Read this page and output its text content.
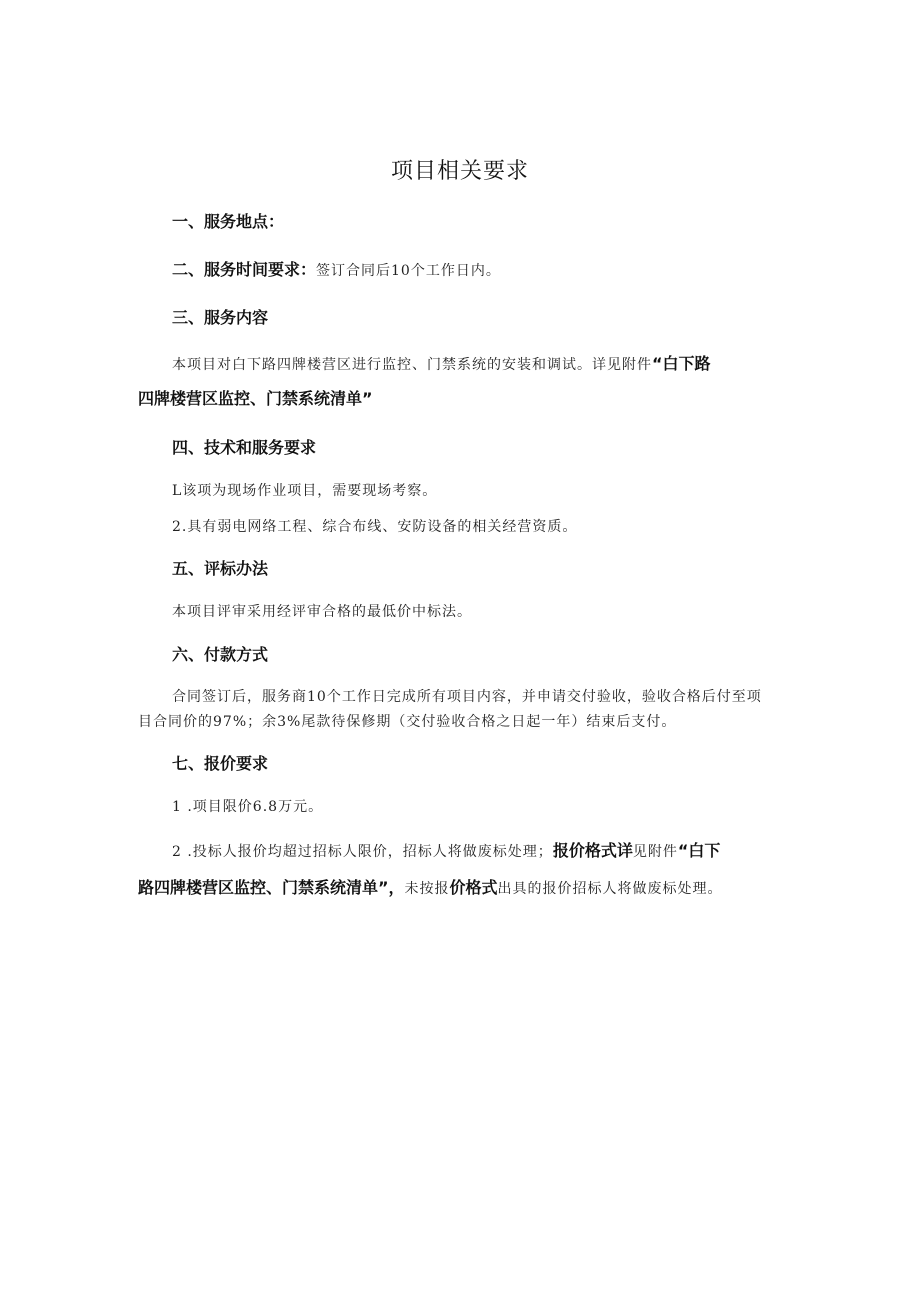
项目相关要求
一、服务地点：
二、服务时间要求：签订合同后10个工作日内。
三、服务内容
本项目对白下路四牌楼营区进行监控、门禁系统的安装和调试。详见附件“白下路
四牌楼营区监控、门禁系统清单”
四、技术和服务要求
L该项为现场作业项目，需要现场考察。
2.具有弱电网络工程、综合布线、安防设备的相关经营资质。
五、评标办法
本项目评审采用经评审合格的最低价中标法。
六、付款方式
合同签订后，服务商10个工作日完成所有项目内容，并申请交付验收，验收合格后付至项
目合同价的97%；余3%尾款待保修期（交付验收合格之日起一年）结束后支付。
七、报价要求
1 .项目限价6.8万元。
2 .投标人报价均超过招标人限价，招标人将做废标处理；报价格式详见附件“白下
路四牌楼营区监控、门禁系统清单”，未按报价格式出具的报价招标人将做废标处理。
